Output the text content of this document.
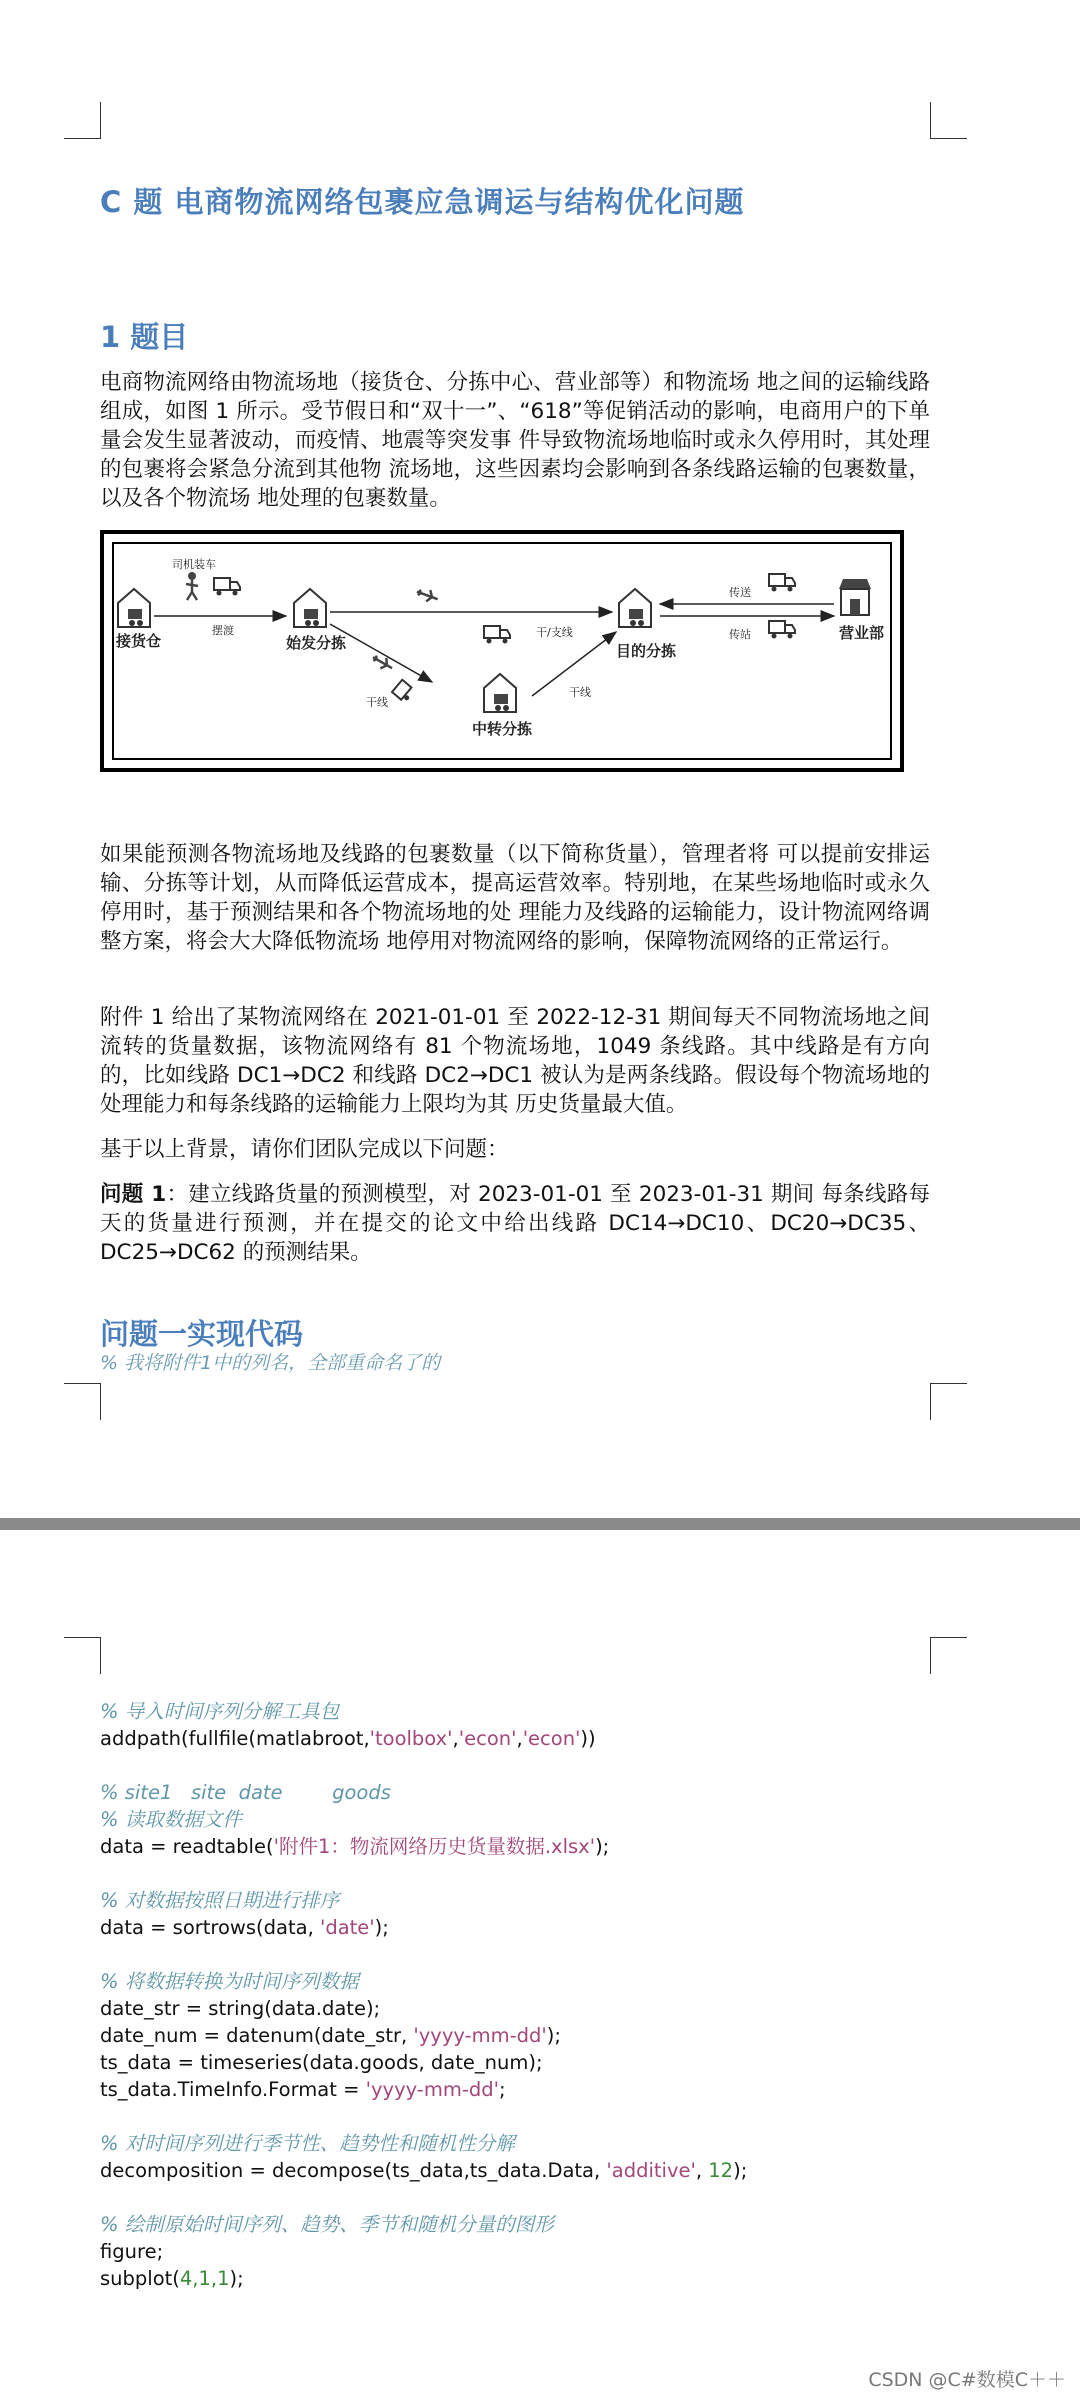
C 题 电商物流网络包裹应急调运与结构优化问题
1 题目

电商物流网络由物流场地（接货仓、分拣中心、营业部等）和物流场 地之间的运输线路组成，如图 1 所示。受节假日和“双十一”、“618”等促销活动的影响，电商用户的下单量会发生显著波动，而疫情、地震等突发事 件导致物流场地临时或永久停用时，其处理的包裹将会紧急分流到其他物 流场地，这些因素均会影响到各条线路运输的包裹数量，以及各个物流场 地处理的包裹数量。

司机装车
摆渡	干/支线
干线
干线
传送
传站
接货仓	始发分拣	目的分拣
中转分拣
营业部

如果能预测各物流场地及线路的包裹数量（以下简称货量），管理者将 可以提前安排运输、分拣等计划，从而降低运营成本，提高运营效率。特别地，在某些场地临时或永久停用时，基于预测结果和各个物流场地的处 理能力及线路的运输能力，设计物流网络调整方案，将会大大降低物流场 地停用对物流网络的影响，保障物流网络的正常运行。

附件 1 给出了某物流网络在 2021-01-01 至 2022-12-31 期间每天不同物流场地之间流转的货量数据，该物流网络有 81 个物流场地，1049 条线路。其中线路是有方向的，比如线路 DC1→DC2 和线路 DC2→DC1 被认为是两条线路。假设每个物流场地的处理能力和每条线路的运输能力上限均为其 历史货量最大值。

基于以上背景，请你们团队完成以下问题：

问题 1：建立线路货量的预测模型，对 2023-01-01 至 2023-01-31 期间 每条线路每天的货量进行预测，并在提交的论文中给出线路 DC14→DC10、DC20→DC35、DC25→DC62 的预测结果。

问题一实现代码
% 我将附件1中的列名，全部重命名了的
% 导入时间序列分解工具包
addpath(fullfile(matlabroot,'toolbox','econ','econ'))

% site1   site  date        goods
% 读取数据文件
data = readtable('附件1：物流网络历史货量数据.xlsx');

% 对数据按照日期进行排序
data = sortrows(data, 'date');

% 将数据转换为时间序列数据
date_str = string(data.date);
date_num = datenum(date_str, 'yyyy-mm-dd');
ts_data = timeseries(data.goods, date_num);
ts_data.TimeInfo.Format = 'yyyy-mm-dd';

% 对时间序列进行季节性、趋势性和随机性分解
decomposition = decompose(ts_data,ts_data.Data, 'additive', 12);

% 绘制原始时间序列、趋势、季节和随机分量的图形
figure;
subplot(4,1,1);
CSDN @C#数模C＋＋
